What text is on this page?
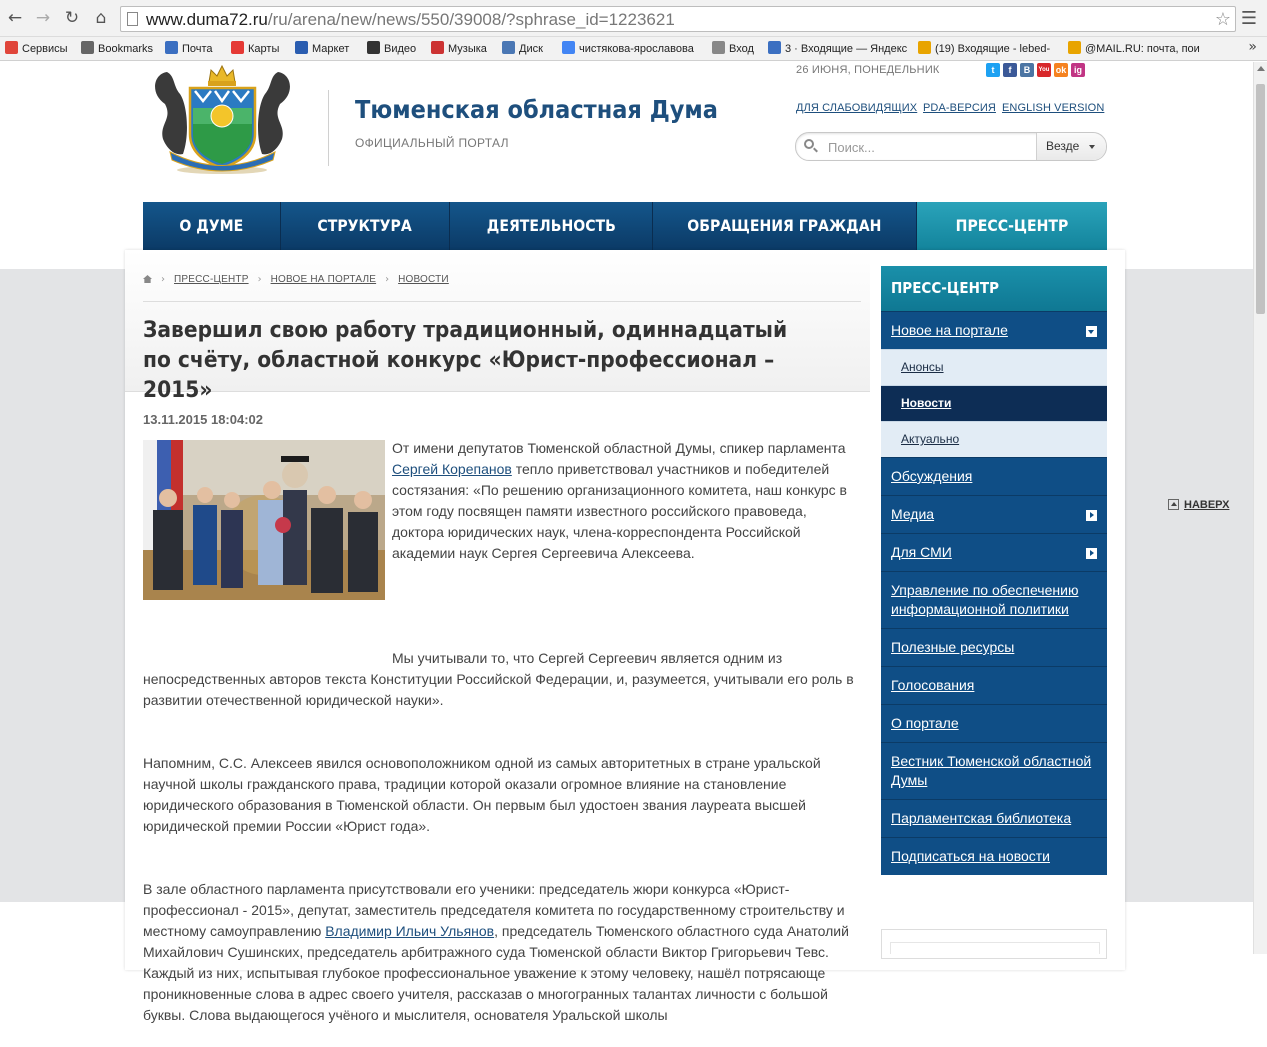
← → ↻ ⌂ www.duma72.ru/ru/arena/new/news/550/39008/?sphrase_id=1223621	☆ ☰
»
Сервисы	Bookmarks	Почта	Карты	Маркет	Видео	Музыка	Диск	чистякова-ярославова	Вход	3 · Входящие — Яндекс	(19) Входящие - lebed-	@MAIL.RU: почта, пои
Тюменская областная Дума
ОФИЦИАЛЬНЫЙ ПОРТАЛ
26 ИЮНЯ, ПОНЕДЕЛЬНИК	t f B You ok ig
ДЛЯ СЛАБОВИДЯЩИХ PDA-ВЕРСИЯ ENGLISH VERSION
Поиск...
Везде
О ДУМЕ	СТРУКТУРА	ДЕЯТЕЛЬНОСТЬ	ОБРАЩЕНИЯ ГРАЖДАН	ПРЕСС-ЦЕНТР
› ПРЕСС-ЦЕНТР › НОВОЕ НА ПОРТАЛЕ › НОВОСТИ
Завершил свою работу традиционный, одиннадцатый по счёту, областной конкурс «Юрист-профессионал – 2015»
13.11.2015 18:04:02

От имени депутатов Тюменской областной Думы, спикер парламента Сергей Корепанов тепло приветствовал участников и победителей состязания: «По решению организационного комитета, наш конкурс в этом году посвящен памяти известного российского правоведа, доктора юридических наук, члена-корреспондента Российской академии наук Сергея Сергеевича Алексеева.

Мы учитывали то, что Сергей Сергеевич является одним из непосредственных авторов текста Конституции Российской Федерации, и, разумеется, учитывали его роль в развитии отечественной юридической науки».

Напомним, С.С. Алексеев явился основоположником одной из самых авторитетных в стране уральской научной школы гражданского права, традиции которой оказали огромное влияние на становление юридического образования в Тюменской области. Он первым был удостоен звания лауреата высшей юридической премии России «Юрист года».

В зале областного парламента присутствовали его ученики: председатель жюри конкурса «Юрист-профессионал - 2015», депутат, заместитель председателя комитета по государственному строительству и местному самоуправлению Владимир Ильич Ульянов, председатель Тюменского областного суда Анатолий Михайлович Сушинских, председатель арбитражного суда Тюменской области Виктор Григорьевич Тевс. Каждый из них, испытывая глубокое профессиональное уважение к этому человеку, нашёл потрясающе проникновенные слова в адрес своего учителя, рассказав о многогранных талантах личности с большой буквы. Слова выдающегося учёного и мыслителя, основателя Уральской школы

ПРЕСС-ЦЕНТР
Новое на портале
Анонсы
Новости
Актуально
Обсуждения
Медиа
Для СМИ
Управление по обеспечению информационной политики
Полезные ресурсы
Голосования
О портале
Вестник Тюменской областной Думы
Парламентская библиотека
Подписаться на новости
НАВЕРХ
